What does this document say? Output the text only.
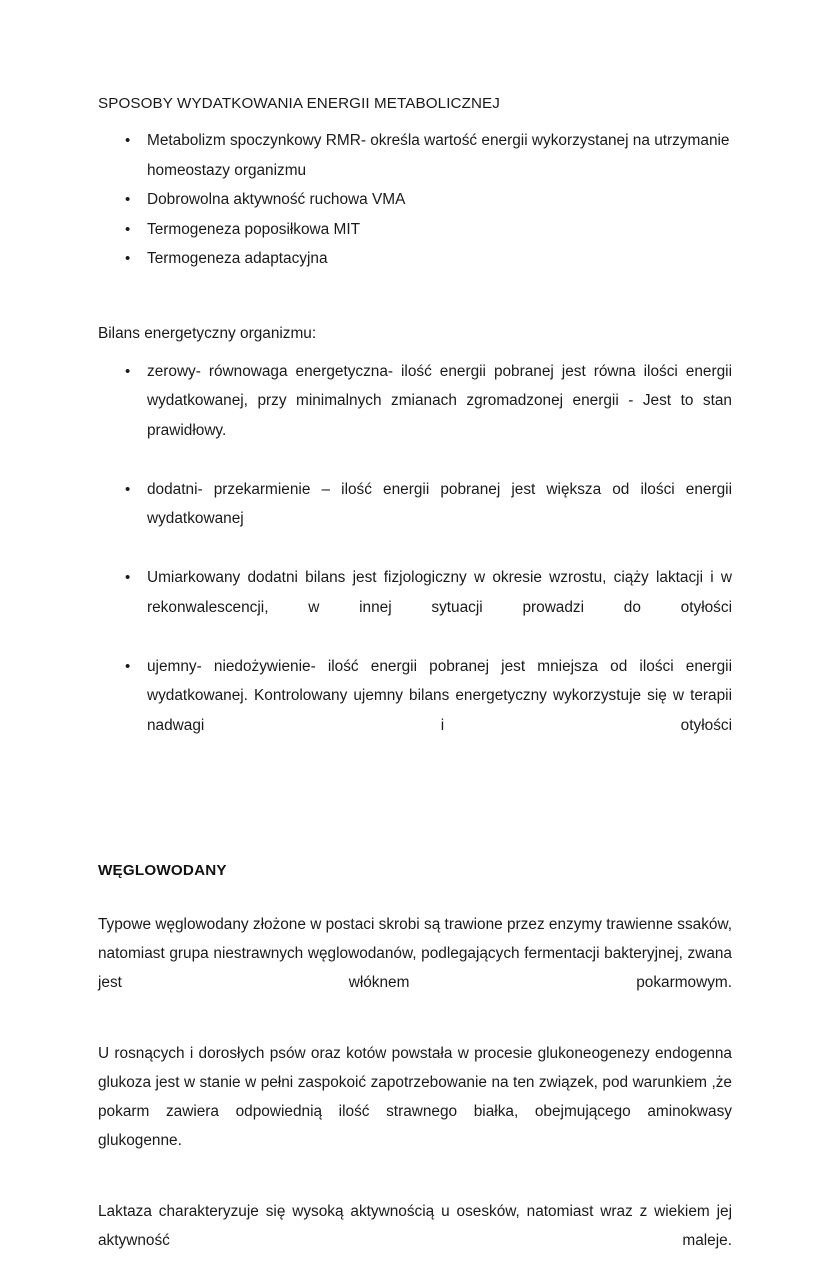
SPOSOBY WYDATKOWANIA ENERGII METABOLICZNEJ
• Metabolizm spoczynkowy RMR- określa wartość energii wykorzystanej na utrzymanie homeostazy organizmu
• Dobrowolna aktywność ruchowa VMA
• Termogeneza poposiłkowa MIT
• Termogeneza adaptacyjna

Bilans energetyczny organizmu:

• zerowy- równowaga energetyczna- ilość energii pobranej jest równa ilości energii wydatkowanej, przy minimalnych zmianach zgromadzonej energii - Jest to stan prawidłowy.
• dodatni- przekarmienie – ilość energii pobranej jest większa od ilości energii wydatkowanej
• Umiarkowany dodatni bilans jest fizjologiczny w okresie wzrostu, ciąży laktacji i w rekonwalescencji, w innej sytuacji prowadzi do otyłości
• ujemny- niedożywienie- ilość energii pobranej jest mniejsza od ilości energii wydatkowanej. Kontrolowany ujemny bilans energetyczny wykorzystuje się w terapii nadwagi i otyłości
WĘGLOWODANY

Typowe węglowodany złożone w postaci skrobi są trawione przez enzymy trawienne ssaków, natomiast grupa niestrawnych węglowodanów, podlegających fermentacji bakteryjnej, zwana jest włóknem pokarmowym.

U rosnących i dorosłych psów oraz kotów powstała w procesie glukoneogenezy endogenna glukoza jest w stanie w pełni zaspokoić zapotrzebowanie na ten związek, pod warunkiem ,że pokarm zawiera odpowiednią ilość strawnego białka, obejmującego aminokwasy glukogenne.

Laktaza charakteryzuje się wysoką aktywnością u osesków, natomiast wraz z wiekiem jej aktywność maleje.
